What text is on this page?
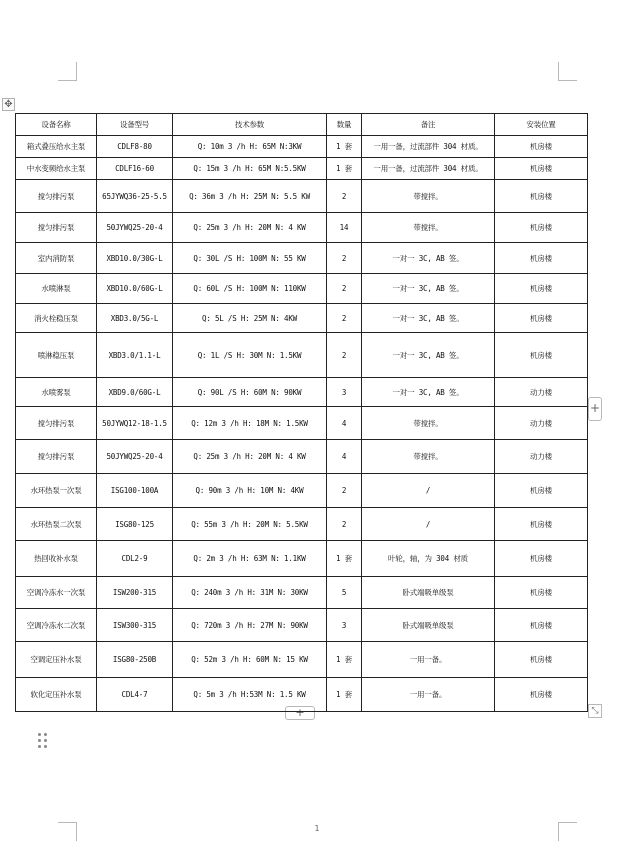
✥
+
+	⤡
设备名称	设备型号	技术参数	数量	备注	安装位置
箱式叠压给水主泵	CDLF8-80	Q: 10m 3 /h H: 65M N:3KW	1 套	一用一备，过流部件 304 材质。	机房楼
中水变频给水主泵	CDLF16-60	Q: 15m 3 /h H: 65M N:5.5KW	1 套	一用一备，过流部件 304 材质。	机房楼
搅匀排污泵	65JYWQ36-25-5.5	Q: 36m 3 /h H: 25M N: 5.5 KW	2	带搅拌。	机房楼
搅匀排污泵	50JYWQ25-20-4	Q: 25m 3 /h H: 20M N: 4 KW	14	带搅拌。	机房楼
室内消防泵	XBD10.0/30G-L	Q: 30L /S H: 100M N: 55 KW	2	一对一 3C, AB 签。	机房楼
水喷淋泵	XBD10.0/60G-L	Q: 60L /S H: 100M N: 110KW	2	一对一 3C, AB 签。	机房楼
消火栓稳压泵	XBD3.0/5G-L	Q: 5L /S H: 25M N: 4KW	2	一对一 3C, AB 签。	机房楼
喷淋稳压泵	XBD3.0/1.1-L	Q: 1L /S H: 30M N: 1.5KW	2	一对一 3C, AB 签。	机房楼
水喷雾泵	XBD9.0/60G-L	Q: 90L /S H: 60M N: 90KW	3	一对一 3C, AB 签。	动力楼
搅匀排污泵	50JYWQ12-18-1.5	Q: 12m 3 /h H: 18M N: 1.5KW	4	带搅拌。	动力楼
搅匀排污泵	50JYWQ25-20-4	Q: 25m 3 /h H: 20M N: 4 KW	4	带搅拌。	动力楼
水环热泵一次泵	ISG100-100A	Q: 90m 3 /h H: 10M N: 4KW	2	/	机房楼
水环热泵二次泵	ISG80-125	Q: 55m 3 /h H: 20M N: 5.5KW	2	/	机房楼
热回收补水泵	CDL2-9	Q: 2m 3 /h H: 63M N: 1.1KW	1 套	叶轮，轴，为 304 材质	机房楼
空调冷冻水一次泵	ISW200-315	Q: 240m 3 /h H: 31M N: 30KW	5	卧式端吸单级泵	机房楼
空调冷冻水二次泵	ISW300-315	Q: 720m 3 /h H: 27M N: 90KW	3	卧式端吸单级泵	机房楼
空调定压补水泵	ISG80-250B	Q: 52m 3 /h H: 60M N: 15 KW	1 套	一用一备。	机房楼
软化定压补水泵	CDL4-7	Q: 5m 3 /h H:53M N: 1.5 KW	1 套	一用一备。	机房楼
1
